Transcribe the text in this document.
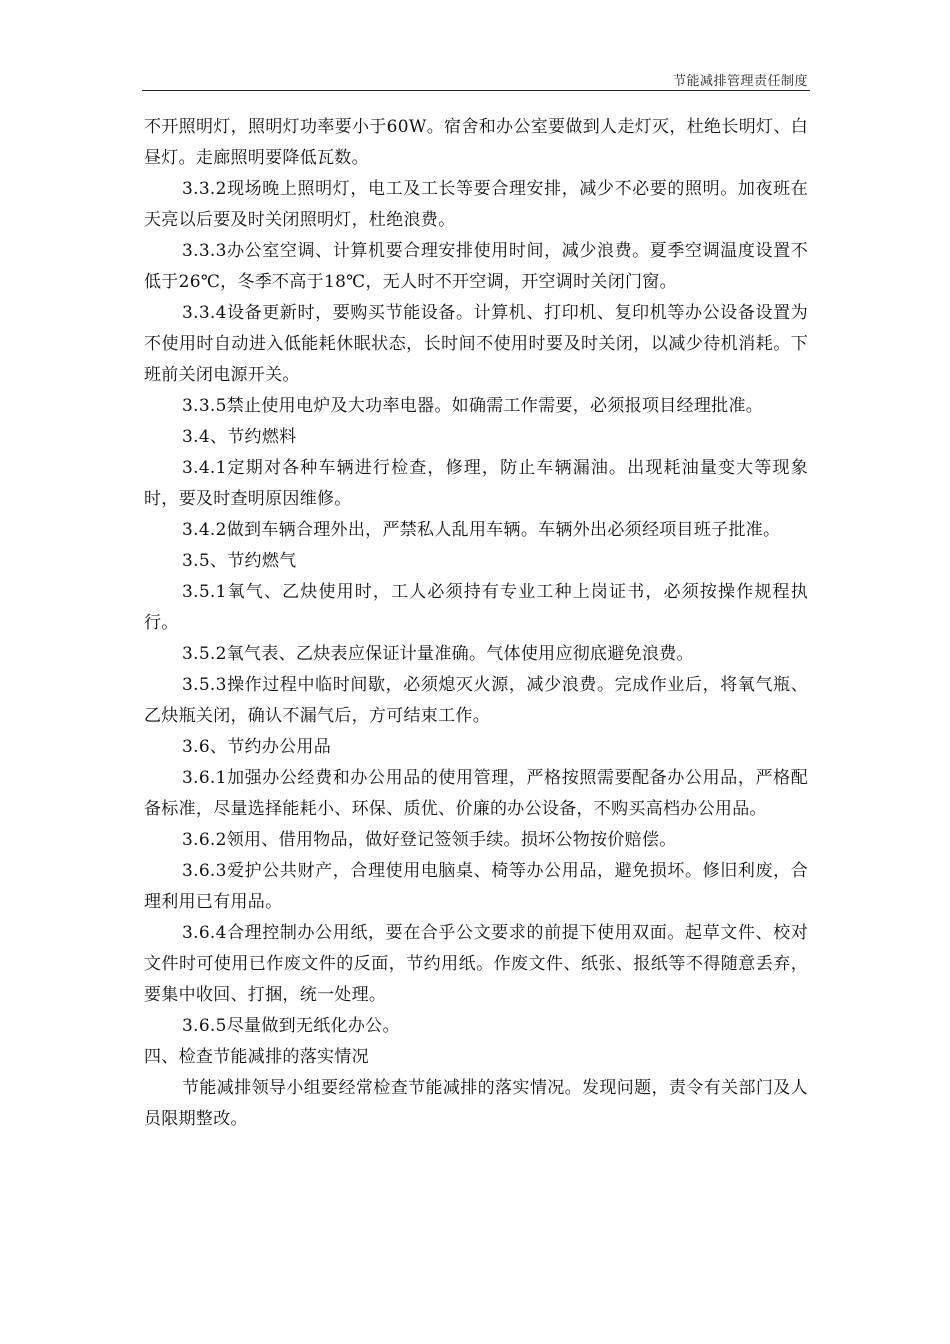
节能减排管理责任制度

不开照明灯，照明灯功率要小于60W。宿舍和办公室要做到人走灯灭，杜绝长明灯、白昼灯。走廊照明要降低瓦数。

3.3.2现场晚上照明灯，电工及工长等要合理安排，减少不必要的照明。加夜班在天亮以后要及时关闭照明灯，杜绝浪费。

3.3.3办公室空调、计算机要合理安排使用时间，减少浪费。夏季空调温度设置不低于26℃，冬季不高于18℃，无人时不开空调，开空调时关闭门窗。

3.3.4设备更新时，要购买节能设备。计算机、打印机、复印机等办公设备设置为不使用时自动进入低能耗休眠状态，长时间不使用时要及时关闭，以减少待机消耗。下班前关闭电源开关。

3.3.5禁止使用电炉及大功率电器。如确需工作需要，必须报项目经理批准。

3.4、节约燃料

3.4.1定期对各种车辆进行检查，修理，防止车辆漏油。出现耗油量变大等现象时，要及时查明原因维修。

3.4.2做到车辆合理外出，严禁私人乱用车辆。车辆外出必须经项目班子批准。

3.5、节约燃气

3.5.1氧气、乙炔使用时，工人必须持有专业工种上岗证书，必须按操作规程执行。

3.5.2氧气表、乙炔表应保证计量准确。气体使用应彻底避免浪费。

3.5.3操作过程中临时间歇，必须熄灭火源，减少浪费。完成作业后，将氧气瓶、乙炔瓶关闭，确认不漏气后，方可结束工作。

3.6、节约办公用品

3.6.1加强办公经费和办公用品的使用管理，严格按照需要配备办公用品，严格配备标准，尽量选择能耗小、环保、质优、价廉的办公设备，不购买高档办公用品。

3.6.2领用、借用物品，做好登记签领手续。损坏公物按价赔偿。

3.6.3爱护公共财产，合理使用电脑桌、椅等办公用品，避免损坏。修旧利废，合理利用已有用品。

3.6.4合理控制办公用纸，要在合乎公文要求的前提下使用双面。起草文件、校对文件时可使用已作废文件的反面，节约用纸。作废文件、纸张、报纸等不得随意丢弃，要集中收回、打捆，统一处理。

3.6.5尽量做到无纸化办公。

四、检查节能减排的落实情况

节能减排领导小组要经常检查节能减排的落实情况。发现问题，责令有关部门及人员限期整改。
